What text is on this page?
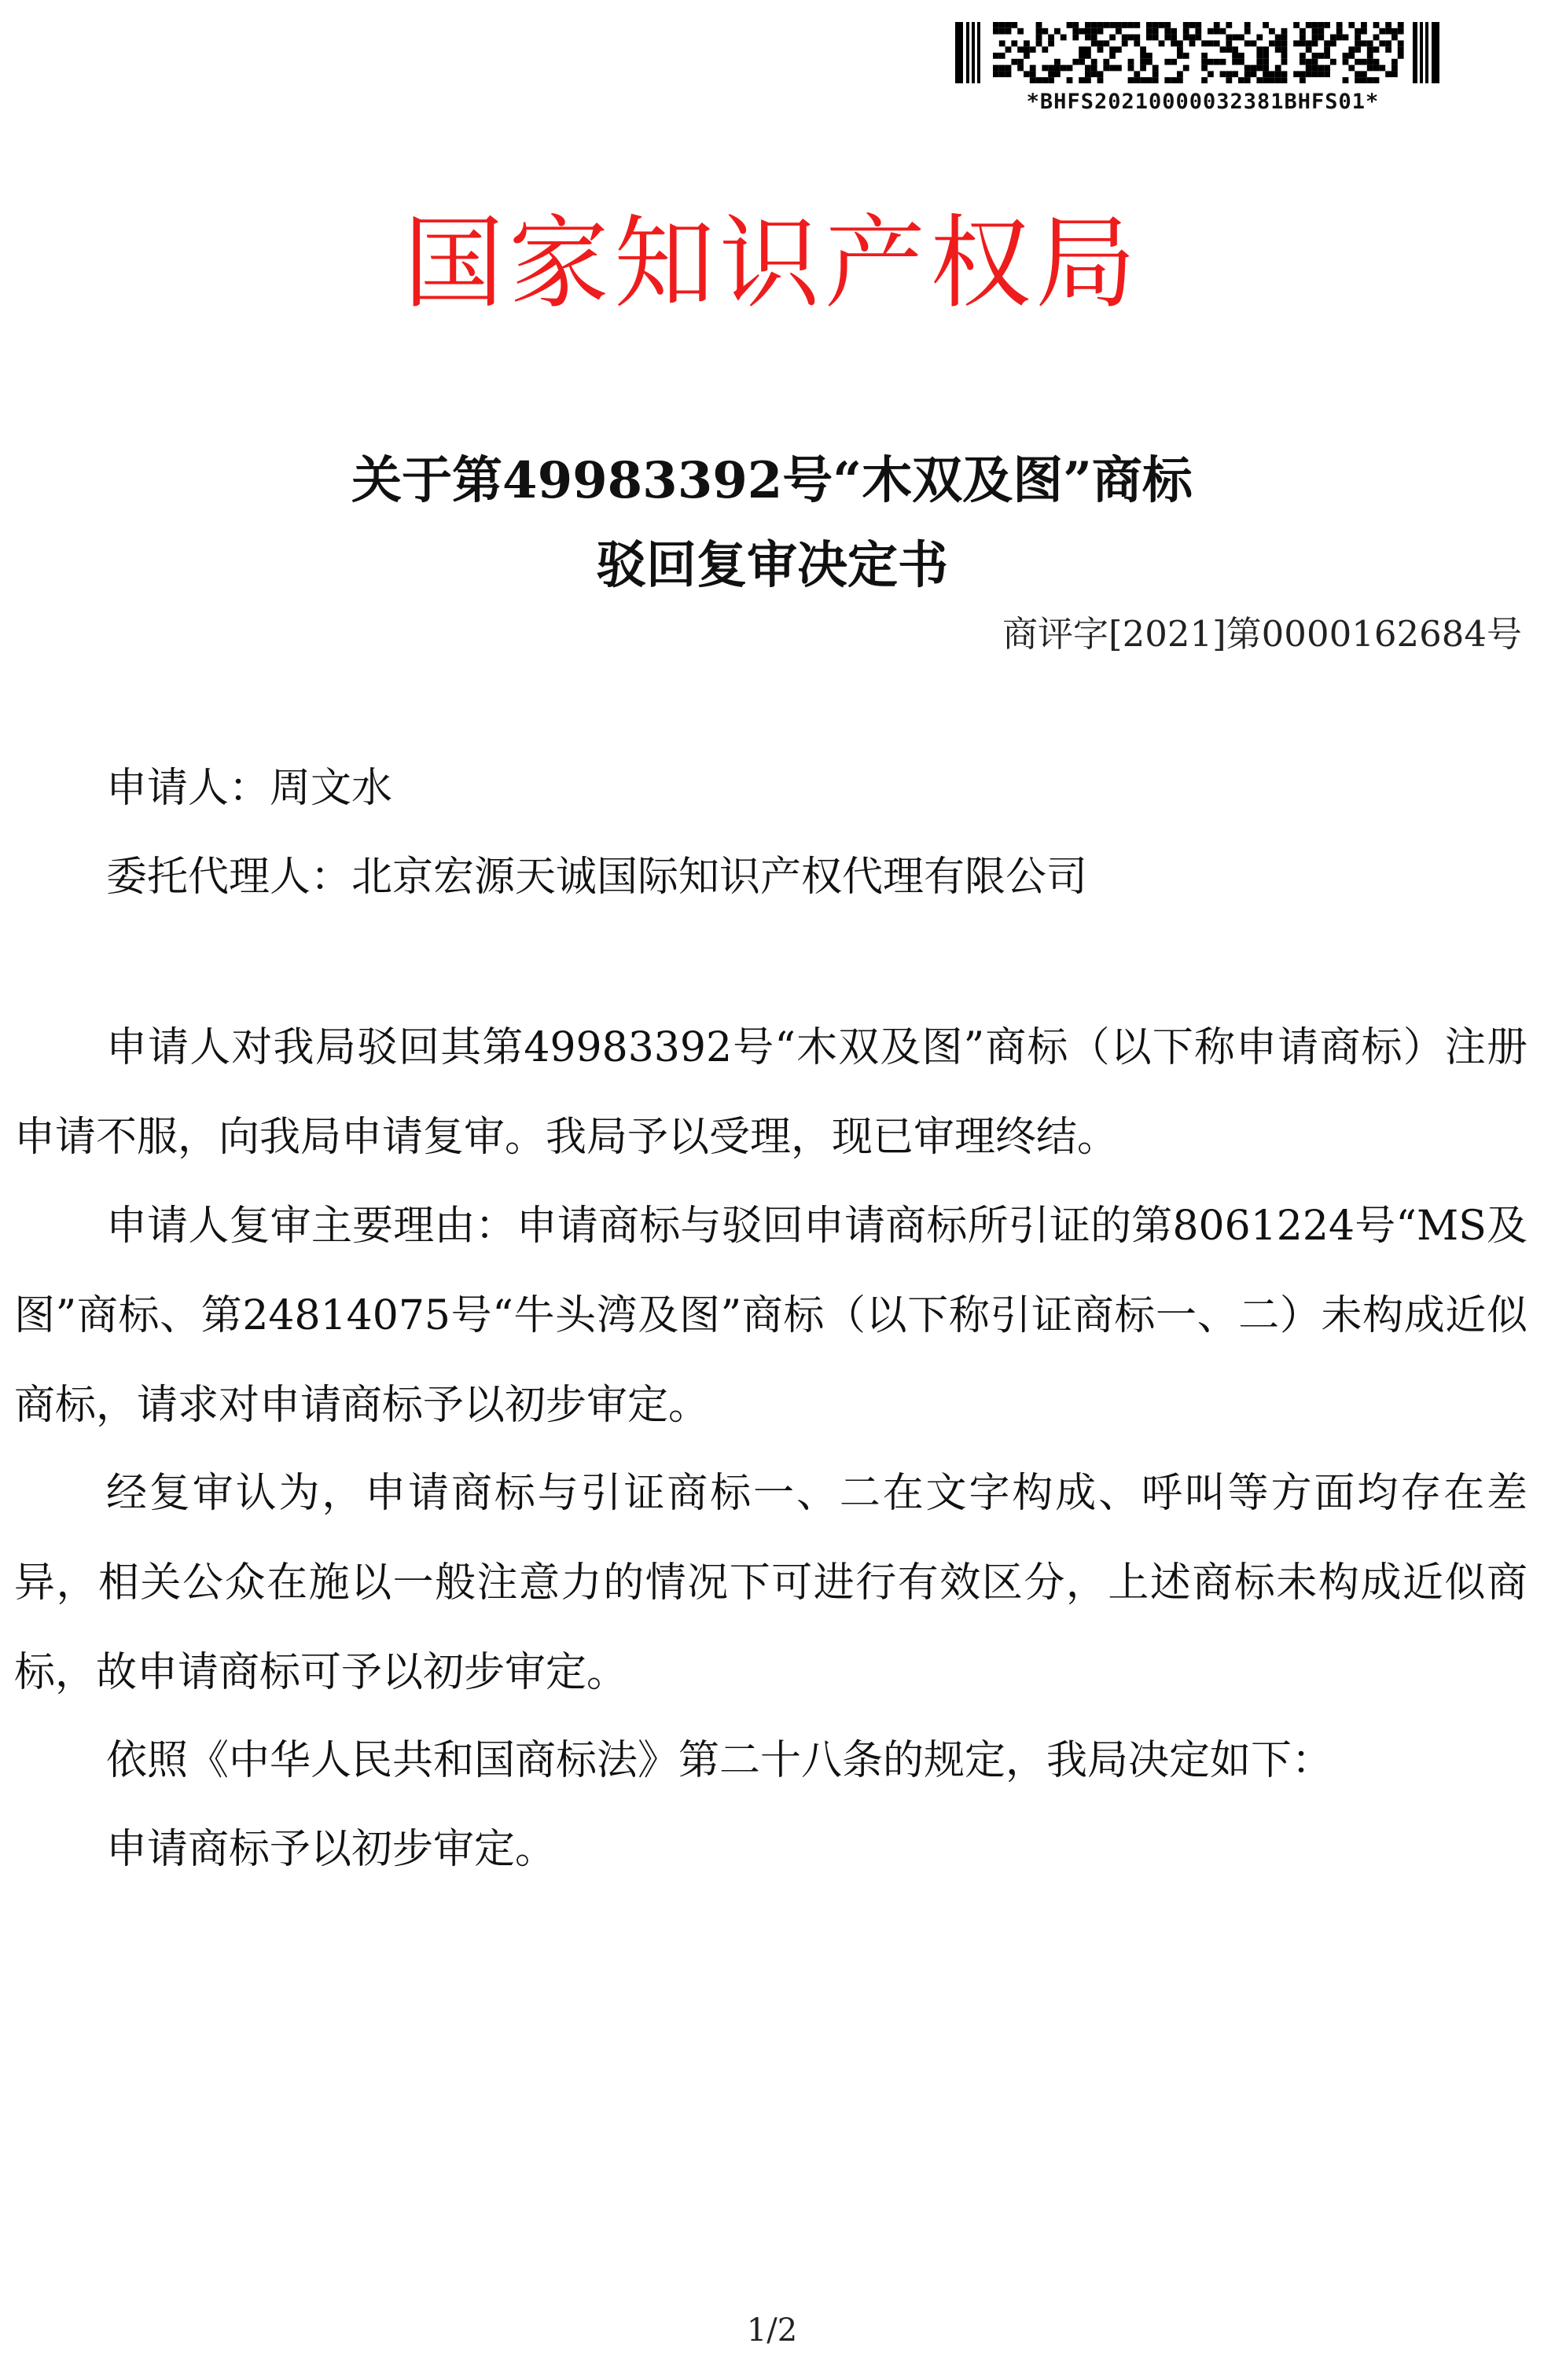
*BHFS20210000032381BHFS01*
国家知识产权局
关于第49983392号“木双及图”商标
驳回复审决定书
商评字[2021]第0000162684号
申请人：周文水
委托代理人：北京宏源天诚国际知识产权代理有限公司

申请人对我局驳回其第49983392号“木双及图”商标（以下称申请商标）注册申请不服，向我局申请复审。我局予以受理，现已审理终结。

申请人复审主要理由：申请商标与驳回申请商标所引证的第8061224号“MS及图”商标、第24814075号“牛头湾及图”商标（以下称引证商标一、二）未构成近似商标，请求对申请商标予以初步审定。

经复审认为，申请商标与引证商标一、二在文字构成、呼叫等方面均存在差异，相关公众在施以一般注意力的情况下可进行有效区分，上述商标未构成近似商标，故申请商标可予以初步审定。

依照《中华人民共和国商标法》第二十八条的规定，我局决定如下：

申请商标予以初步审定。

1/2
